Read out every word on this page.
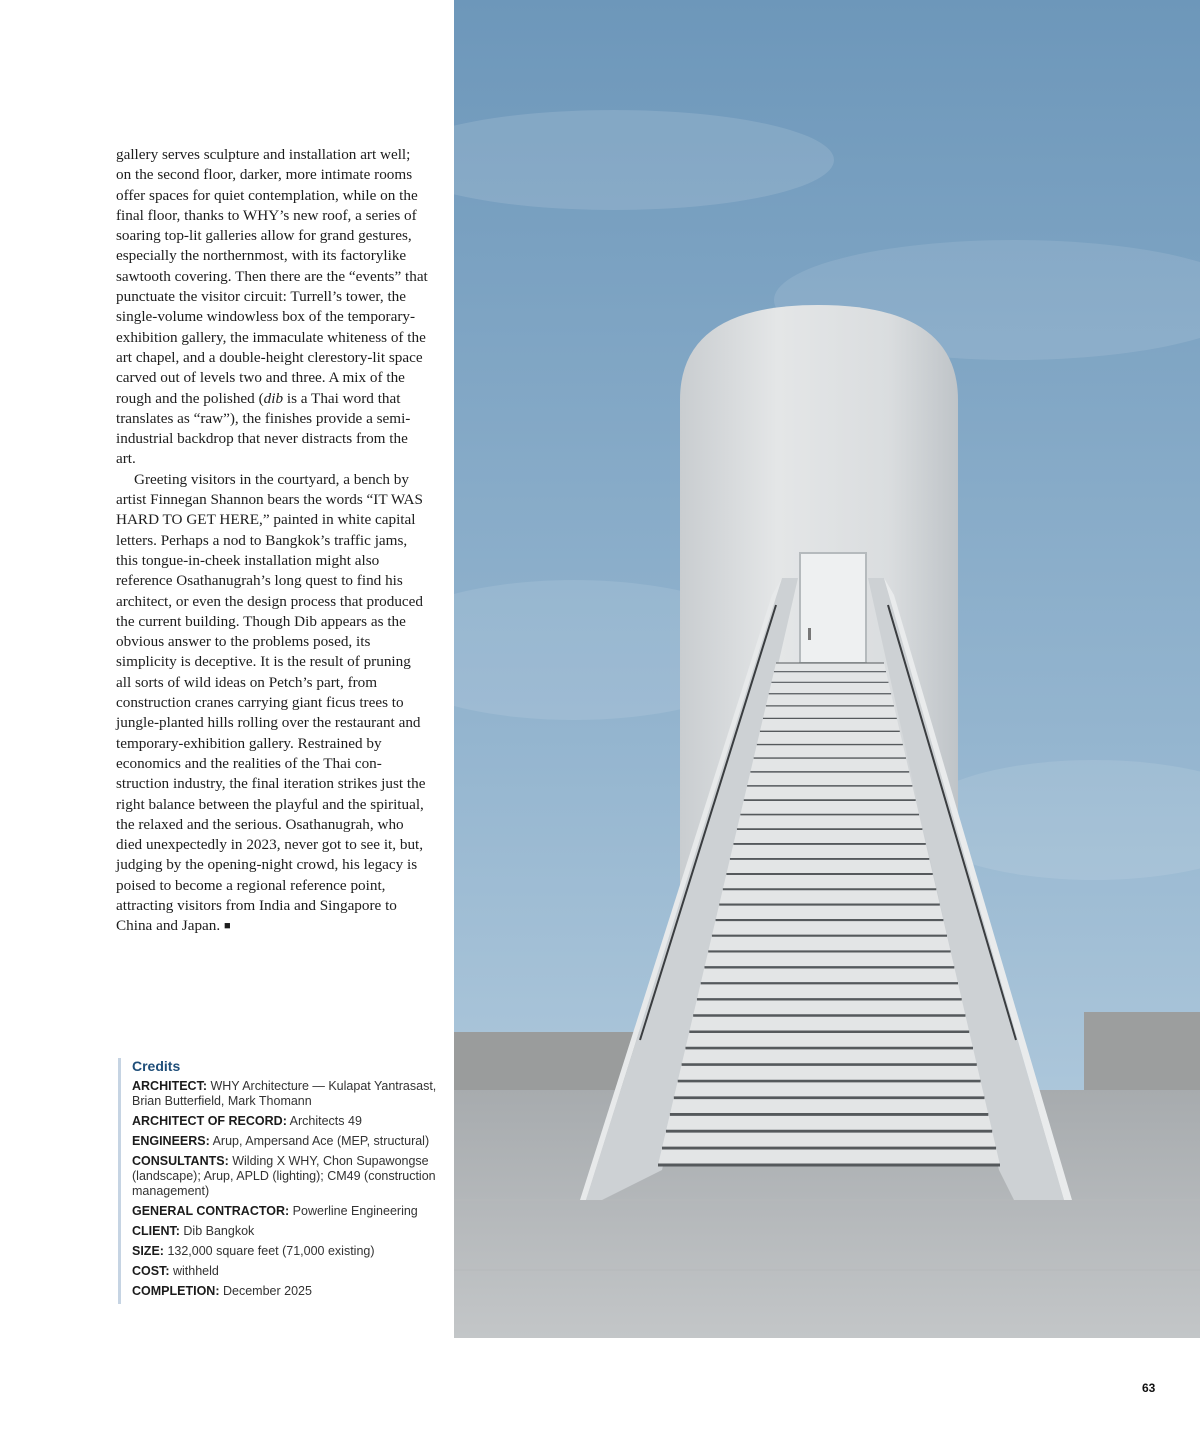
gallery serves sculpture and installation art well; on the second floor, darker, more intimate rooms offer spaces for quiet contemplation, while on the final floor, thanks to WHY’s new roof, a series of soaring top-lit galleries allow for grand gestures, especially the northernmost, with its factorylike sawtooth covering. Then there are the “events” that punctuate the visitor circuit: Turrell’s tower, the single-volume windowless box of the temporary-exhibition gallery, the immaculate whiteness of the art chapel, and a double-height clerestory-lit space carved out of levels two and three. A mix of the rough and the polished (dib is a Thai word that translates as “raw”), the finishes provide a semi-industrial backdrop that never distracts from the art.

Greeting visitors in the courtyard, a bench by artist Finnegan Shannon bears the words “IT WAS HARD TO GET HERE,” painted in white capital letters. Perhaps a nod to Bangkok’s traffic jams, this tongue-in-cheek installation might also reference Osathanugrah’s long quest to find his architect, or even the design process that produced the current building. Though Dib appears as the obvious answer to the problems posed, its simplicity is deceptive. It is the result of pruning all sorts of wild ideas on Petch’s part, from construction cranes carrying giant ficus trees to jungle-planted hills rolling over the restaurant and temporary-exhibition gallery. Restrained by economics and the realities of the Thai construction industry, the final iteration strikes just the right balance between the playful and the spiritual, the relaxed and the serious. Osathanugrah, who died unexpectedly in 2023, never got to see it, but, judging by the opening-night crowd, his legacy is poised to become a regional reference point, attracting visitors from India and Singapore to China and Japan. ■

Credits
ARCHITECT: WHY Architecture — Kulapat Yantrasast, Brian Butterfield, Mark Thomann
ARCHITECT OF RECORD: Architects 49
ENGINEERS: Arup, Ampersand Ace (MEP, structural)
CONSULTANTS: Wilding X WHY, Chon Supawongse (landscape); Arup, APLD (lighting); CM49 (construction management)
GENERAL CONTRACTOR: Powerline Engineering
CLIENT: Dib Bangkok
SIZE: 132,000 square feet (71,000 existing)
COST: withheld
COMPLETION: December 2025
63
